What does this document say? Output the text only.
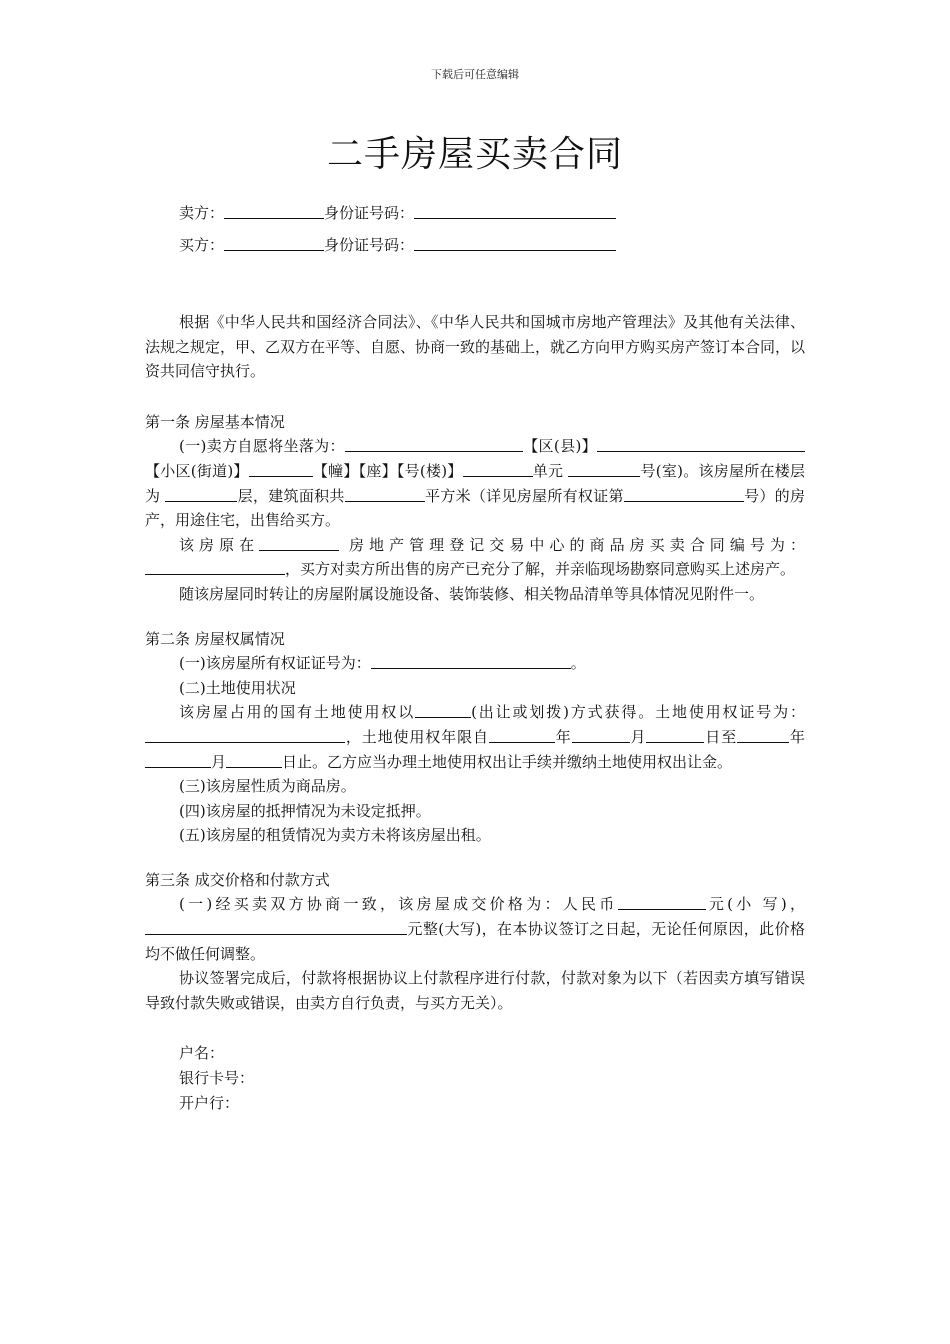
下载后可任意编辑
二手房屋买卖合同
卖方：	身份证号码：
买方：	身份证号码：

根据《中华人民共和国经济合同法》、《中华人民共和国城市房地产管理法》及其他有关法律、法规之规定，甲、乙双方在平等、自愿、协商一致的基础上，就乙方向甲方购买房产签订本合同，以资共同信守执行。

第一条 房屋基本情况

(一)卖方自愿将坐落为：	【区(县)】【小区(街道)】	【幢】【座】【号(楼)】	单元	号(室)。该房屋所在楼层为	层，建筑面积共	平方米（详见房屋所有权证第	号）的房产，用途住宅，出售给买方。

该房原在	房地产管理登记交易中心的商品房买卖合同编号为：，买方对卖方所出售的房产已充分了解，并亲临现场勘察同意购买上述房产。

随该房屋同时转让的房屋附属设施设备、装饰装修、相关物品清单等具体情况见附件一。

第二条 房屋权属情况

(一)该房屋所有权证证号为：	。

(二)土地使用状况

该房屋占用的国有土地使用权以	(出让或划拨)方式获得。土地使用权证号为：，土地使用权年限自	年	月	日至	年月	日止。乙方应当办理土地使用权出让手续并缴纳土地使用权出让金。

(三)该房屋性质为商品房。

(四)该房屋的抵押情况为未设定抵押。

(五)该房屋的租赁情况为卖方未将该房屋出租。

第三条 成交价格和付款方式

(一)经买卖双方协商一致，该房屋成交价格为：人民币	元(小 写)，元整(大写)，在本协议签订之日起，无论任何原因，此价格均不做任何调整。

协议签署完成后，付款将根据协议上付款程序进行付款，付款对象为以下（若因卖方填写错误导致付款失败或错误，由卖方自行负责，与买方无关）。

户名：

银行卡号：

开户行：
